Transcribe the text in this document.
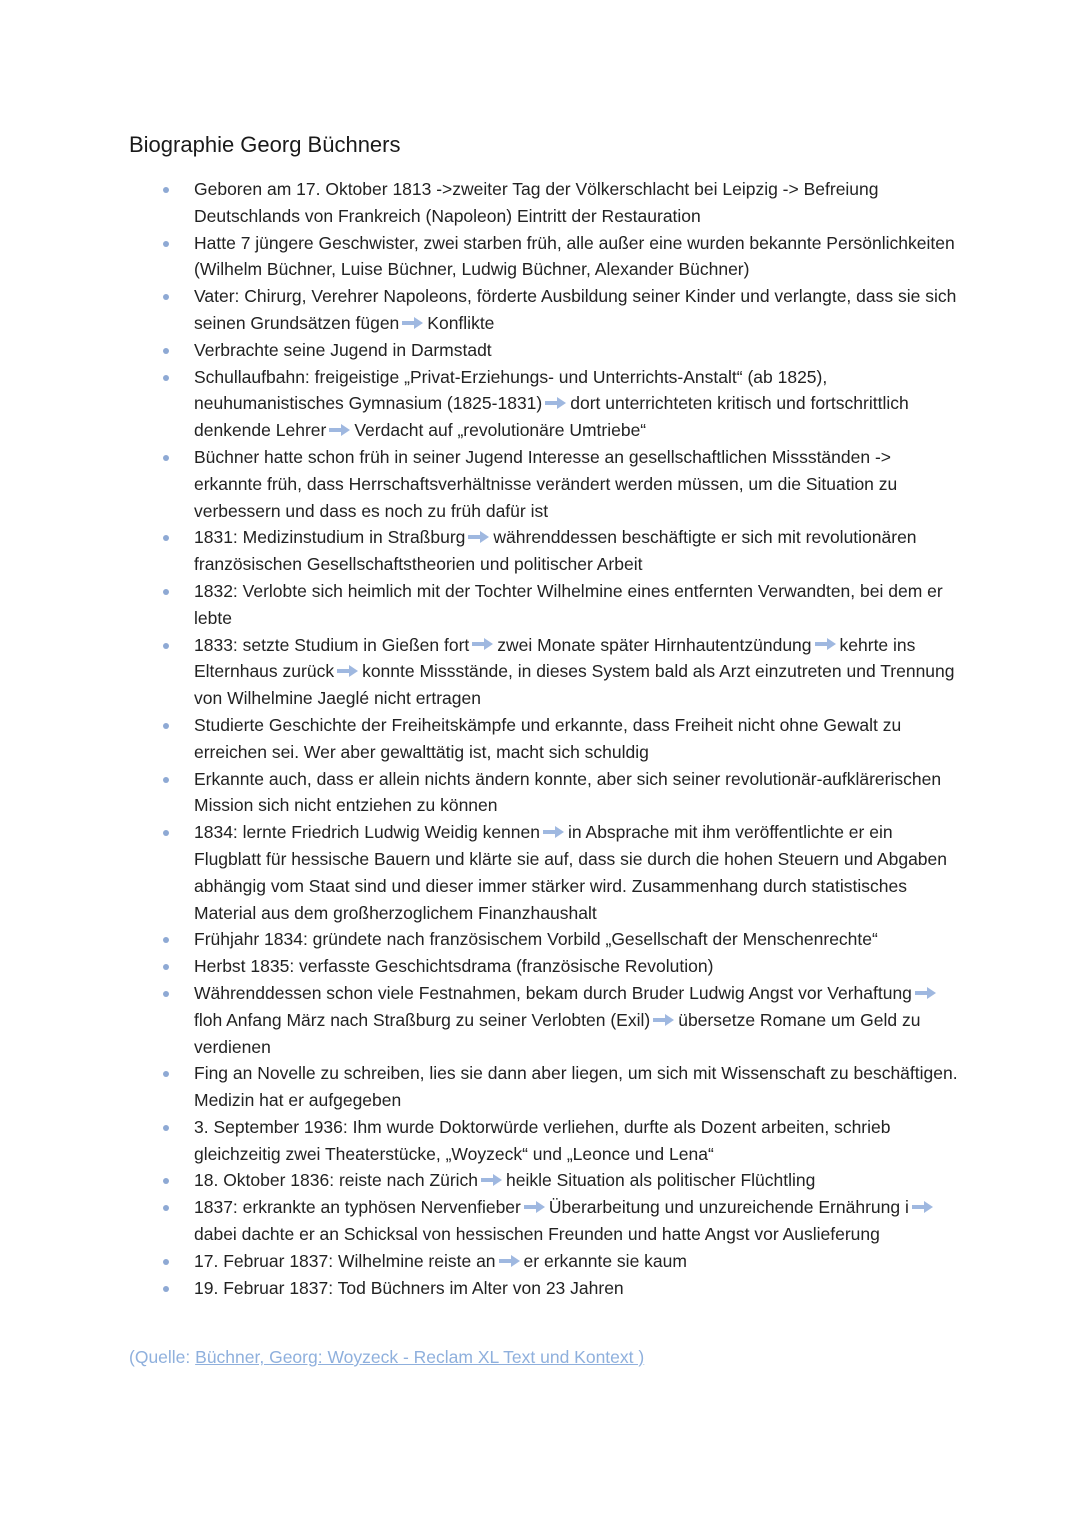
Biographie Georg Büchners
Geboren am 17. Oktober 1813 ->zweiter Tag der Völkerschlacht bei Leipzig -> Befreiung Deutschlands von Frankreich (Napoleon) Eintritt der Restauration
Hatte 7 jüngere Geschwister, zwei starben früh, alle außer eine wurden bekannte Persönlichkeiten (Wilhelm Büchner, Luise Büchner, Ludwig Büchner, Alexander Büchner)
Vater: Chirurg, Verehrer Napoleons, förderte Ausbildung seiner Kinder und verlangte, dass sie sich seinen Grundsätzen fügen Konflikte
Verbrachte seine Jugend in Darmstadt
Schullaufbahn: freigeistige „Privat-Erziehungs- und Unterrichts-Anstalt“ (ab 1825), neuhumanistisches Gymnasium (1825-1831) dort unterrichteten kritisch und fortschrittlich denkende Lehrer Verdacht auf „revolutionäre Umtriebe“
Büchner hatte schon früh in seiner Jugend Interesse an gesellschaftlichen Missständen -> erkannte früh, dass Herrschaftsverhältnisse verändert werden müssen, um die Situation zu verbessern und dass es noch zu früh dafür ist
1831: Medizinstudium in Straßburg währenddessen beschäftigte er sich mit revolutionären französischen Gesellschaftstheorien und politischer Arbeit
1832: Verlobte sich heimlich mit der Tochter Wilhelmine eines entfernten Verwandten, bei dem er lebte
1833: setzte Studium in Gießen fort zwei Monate später Hirnhautentzündung kehrte ins Elternhaus zurück konnte Missstände, in dieses System bald als Arzt einzutreten und Trennung von Wilhelmine Jaeglé nicht ertragen
Studierte Geschichte der Freiheitskämpfe und erkannte, dass Freiheit nicht ohne Gewalt zu erreichen sei. Wer aber gewalttätig ist, macht sich schuldig
Erkannte auch, dass er allein nichts ändern konnte, aber sich seiner revolutionär-aufklärerischen Mission sich nicht entziehen zu können
1834: lernte Friedrich Ludwig Weidig kennen in Absprache mit ihm veröffentlichte er ein Flugblatt für hessische Bauern und klärte sie auf, dass sie durch die hohen Steuern und Abgaben abhängig vom Staat sind und dieser immer stärker wird. Zusammenhang durch statistisches Material aus dem großherzoglichem Finanzhaushalt
Frühjahr 1834: gründete nach französischem Vorbild „Gesellschaft der Menschenrechte“
Herbst 1835: verfasste Geschichtsdrama (französische Revolution)
Währenddessen schon viele Festnahmen, bekam durch Bruder Ludwig Angst vor Verhaftung
floh Anfang März nach Straßburg zu seiner Verlobten (Exil) übersetze Romane um Geld zu verdienen
Fing an Novelle zu schreiben, lies sie dann aber liegen, um sich mit Wissenschaft zu beschäftigen. Medizin hat er aufgegeben
3. September 1936: Ihm wurde Doktorwürde verliehen, durfte als Dozent arbeiten, schrieb gleichzeitig zwei Theaterstücke, „Woyzeck“ und „Leonce und Lena“
18. Oktober 1836: reiste nach Zürich heikle Situation als politischer Flüchtling
1837: erkrankte an typhösen Nervenfieber Überarbeitung und unzureichende Ernährung i
dabei dachte er an Schicksal von hessischen Freunden und hatte Angst vor Auslieferung
17. Februar 1837: Wilhelmine reiste an er erkannte sie kaum
19. Februar 1837: Tod Büchners im Alter von 23 Jahren
(Quelle: Büchner, Georg: Woyzeck - Reclam XL Text und Kontext )
